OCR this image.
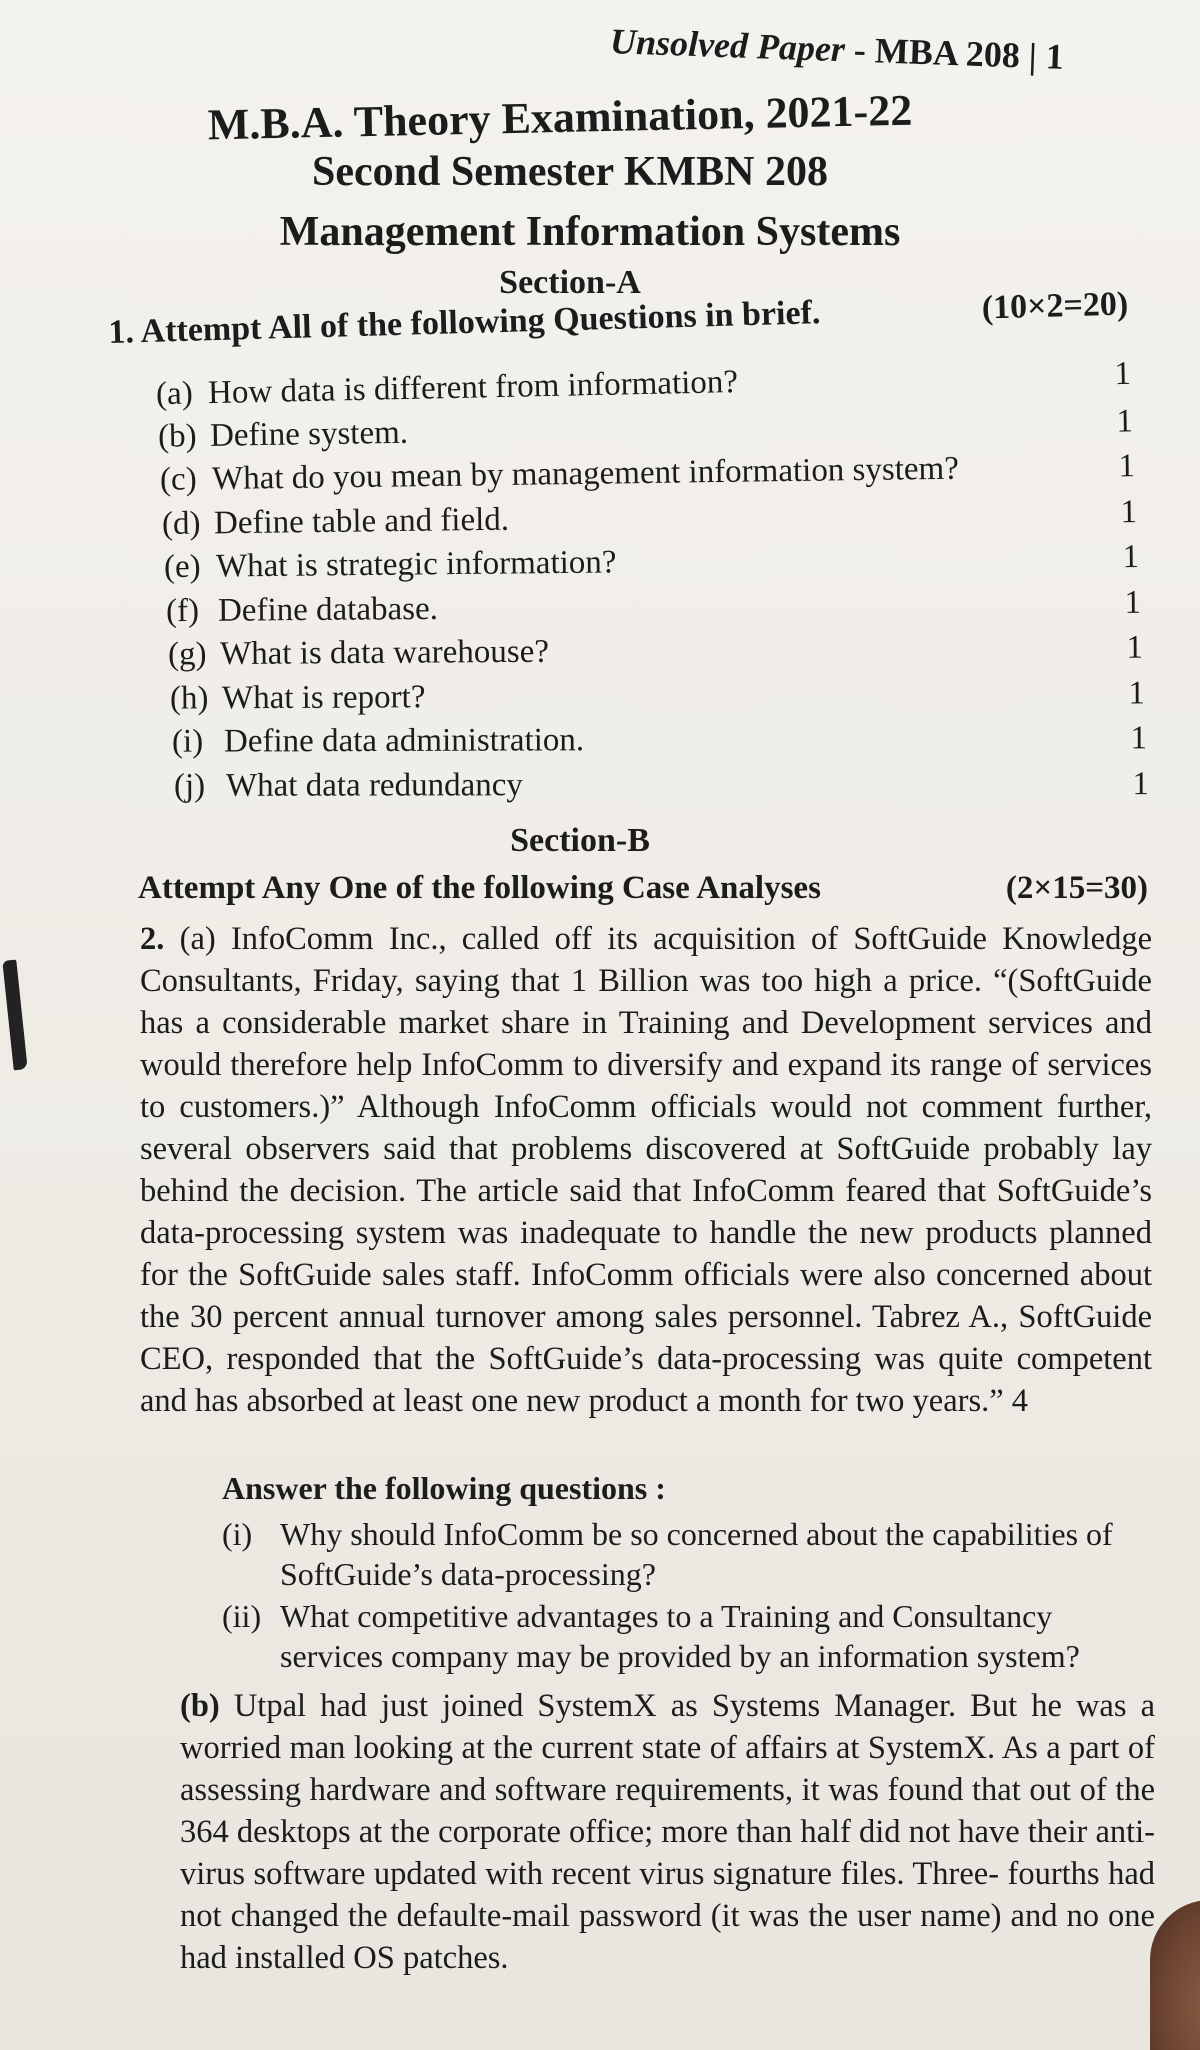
Unsolved Paper - MBA 208 | 1
M.B.A. Theory Examination, 2021-22
Second Semester KMBN 208
Management Information Systems
Section-A
1. Attempt All of the following Questions in brief.	(10×2=20)
(a) How data is different from information?	1
(b) Define system.	1
(c) What do you mean by management information system?	1
(d) Define table and field.	1
(e) What is strategic information?	1
(f) Define database.	1
(g) What is data warehouse?	1
(h) What is report?	1
(i) Define data administration.	1
(j) What data redundancy	1
Section-B
Attempt Any One of the following Case Analyses	(2×15=30)
2. (a) InfoComm Inc., called off its acquisition of SoftGuide Knowledge Consultants, Friday, saying that 1 Billion was too high a price. “(SoftGuide has a considerable market share in Training and Development services and would therefore help InfoComm to diversify and expand its range of services to customers.)” Although InfoComm officials would not comment further, several observers said that problems discovered at SoftGuide probably lay behind the decision. The article said that InfoComm feared that SoftGuide’s data-processing system was inadequate to handle the new products planned for the SoftGuide sales staff. InfoComm officials were also concerned about the 30 percent annual turnover among sales personnel. Tabrez A., SoftGuide CEO, responded that the SoftGuide’s data-processing was quite competent and has absorbed at least one new product a month for two years.” 4
Answer the following questions :
(i) Why should InfoComm be so concerned about the capabilities of SoftGuide’s data-processing?
(ii) What competitive advantages to a Training and Consultancy services company may be provided by an information system?
(b) Utpal had just joined SystemX as Systems Manager. But he was a worried man looking at the current state of affairs at SystemX. As a part of assessing hardware and software requirements, it was found that out of the 364 desktops at the corporate office; more than half did not have their anti-virus software updated with recent virus signature files. Three- fourths had not changed the defaulte-mail password (it was the user name) and no one had installed OS patches.
